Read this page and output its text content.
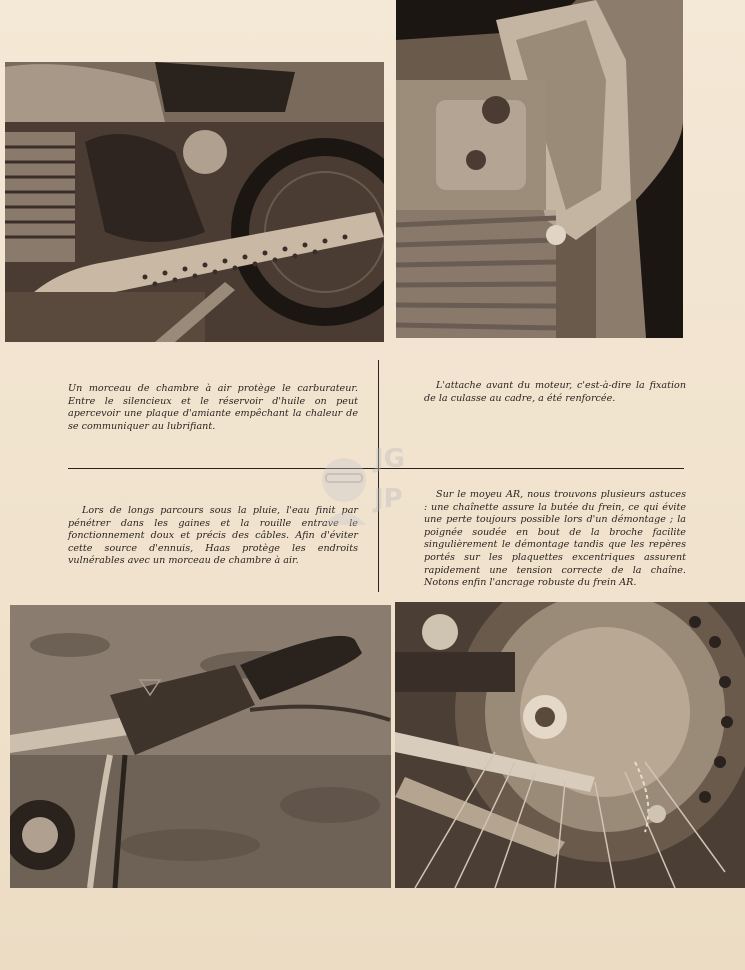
Un morceau de chambre à air protège le carburateur. Entre le silencieux et le réservoir d'huile on peut apercevoir une plaque d'amiante empêchant la chaleur de se communiquer au lubrifiant.

L'attache avant du moteur, c'est-à-dire la fixation de la culasse au cadre, a été renforcée.

Lors de longs parcours sous la pluie, l'eau finit par pénétrer dans les gaines et la rouille entrave le fonctionnement doux et précis des câbles. Afin d'éviter cette source d'ennuis, Haas protège les endroits vulnérables avec un morceau de chambre à air.

Sur le moyeu AR, nous trouvons plusieurs astuces : une chaînette assure la butée du frein, ce qui évite une perte toujours possible lors d'un démontage ; la poignée soudée en bout de la broche facilite singulièrement le démontage tandis que les repères portés sur les plaquettes excentriques assurent rapidement une tension correcte de la chaîne. Notons enfin l'ancrage robuste du frein AR.

JG
JP
